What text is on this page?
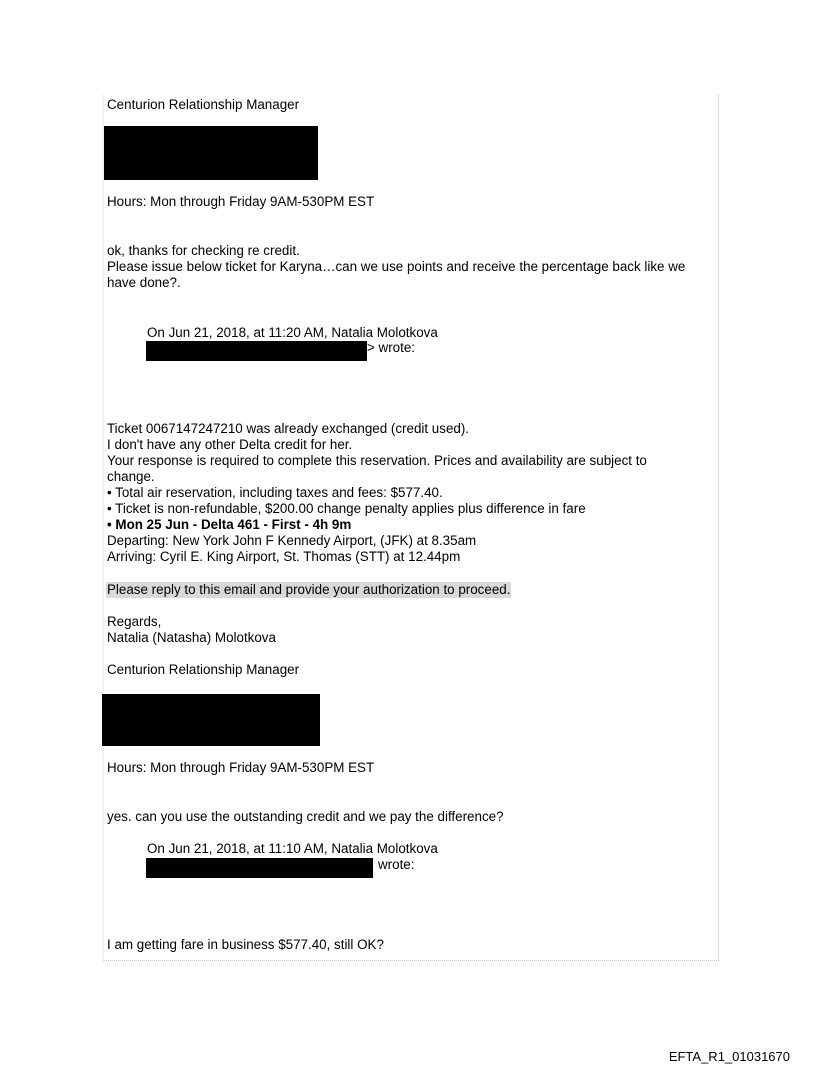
Centurion Relationship Manager
Hours: Mon through Friday 9AM-530PM EST
ok, thanks for checking re credit.
Please issue below ticket for Karyna…can we use points and receive the percentage back like we
have done?.
On Jun 21, 2018, at 11:20 AM, Natalia Molotkova
> wrote:
Ticket 0067147247210 was already exchanged (credit used).
I don't have any other Delta credit for her.
Your response is required to complete this reservation. Prices and availability are subject to
change.
• Total air reservation, including taxes and fees: $577.40.
• Ticket is non-refundable, $200.00 change penalty applies plus difference in fare
• Mon 25 Jun - Delta 461 - First - 4h 9m
Departing: New York John F Kennedy Airport, (JFK) at 8.35am
Arriving: Cyril E. King Airport, St. Thomas (STT) at 12.44pm
Please reply to this email and provide your authorization to proceed.
Regards,
Natalia (Natasha) Molotkova
Centurion Relationship Manager
Hours: Mon through Friday 9AM-530PM EST
yes. can you use the outstanding credit and we pay the difference?
On Jun 21, 2018, at 11:10 AM, Natalia Molotkova
wrote:
I am getting fare in business $577.40, still OK?
EFTA_R1_01031670
